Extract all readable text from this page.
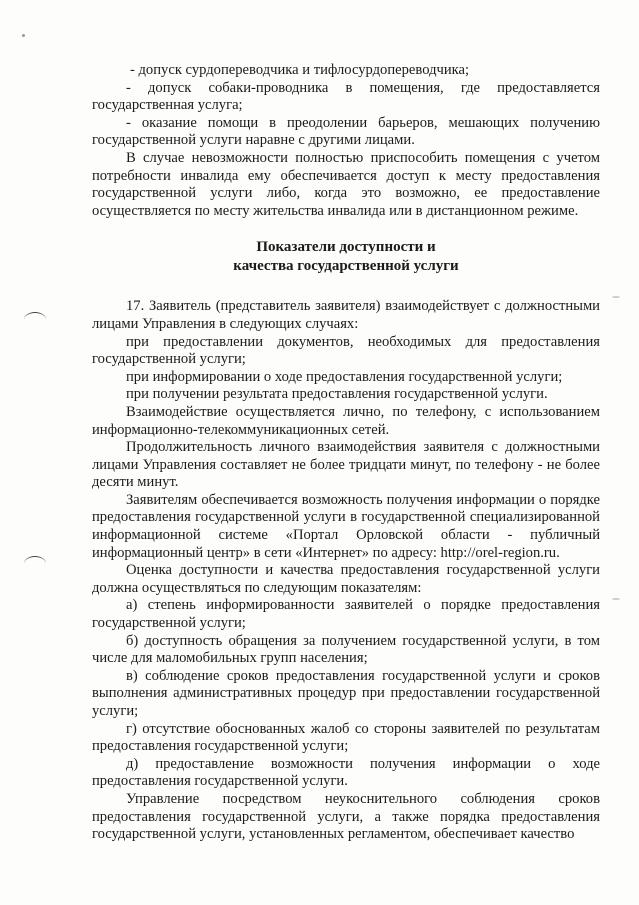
- допуск сурдопереводчика и тифлосурдопереводчика;

- допуск собаки-проводника в помещения, где предоставляется государственная услуга;

- оказание помощи в преодолении барьеров, мешающих получению государственной услуги наравне с другими лицами.

В случае невозможности полностью приспособить помещения с учетом потребности инвалида ему обеспечивается доступ к месту предоставления государственной услуги либо, когда это возможно, ее предоставление осуществляется по месту жительства инвалида или в дистанционном режиме.

Показатели доступности и
качества государственной услуги

17. Заявитель (представитель заявителя) взаимодействует с должностными лицами Управления в следующих случаях:

при предоставлении документов, необходимых для предоставления государственной услуги;

при информировании о ходе предоставления государственной услуги;

при получении результата предоставления государственной услуги.

Взаимодействие осуществляется лично, по телефону, с использованием информационно-телекоммуникационных сетей.

Продолжительность личного взаимодействия заявителя с должностными лицами Управления составляет не более тридцати минут, по телефону - не более десяти минут.

Заявителям обеспечивается возможность получения информации о порядке предоставления государственной услуги в государственной специализированной информационной системе «Портал Орловской области - публичный информационный центр» в сети «Интернет» по адресу: http://orel-region.ru.

Оценка доступности и качества предоставления государственной услуги должна осуществляться по следующим показателям:

а) степень информированности заявителей о порядке предоставления государственной услуги;

б) доступность обращения за получением государственной услуги, в том числе для маломобильных групп населения;

в) соблюдение сроков предоставления государственной услуги и сроков выполнения административных процедур при предоставлении государственной услуги;

г) отсутствие обоснованных жалоб со стороны заявителей по результатам предоставления государственной услуги;

д) предоставление возможности получения информации о ходе предоставления государственной услуги.

Управление посредством неукоснительного соблюдения сроков предоставления государственной услуги, а также порядка предоставления государственной услуги, установленных регламентом, обеспечивает качество
